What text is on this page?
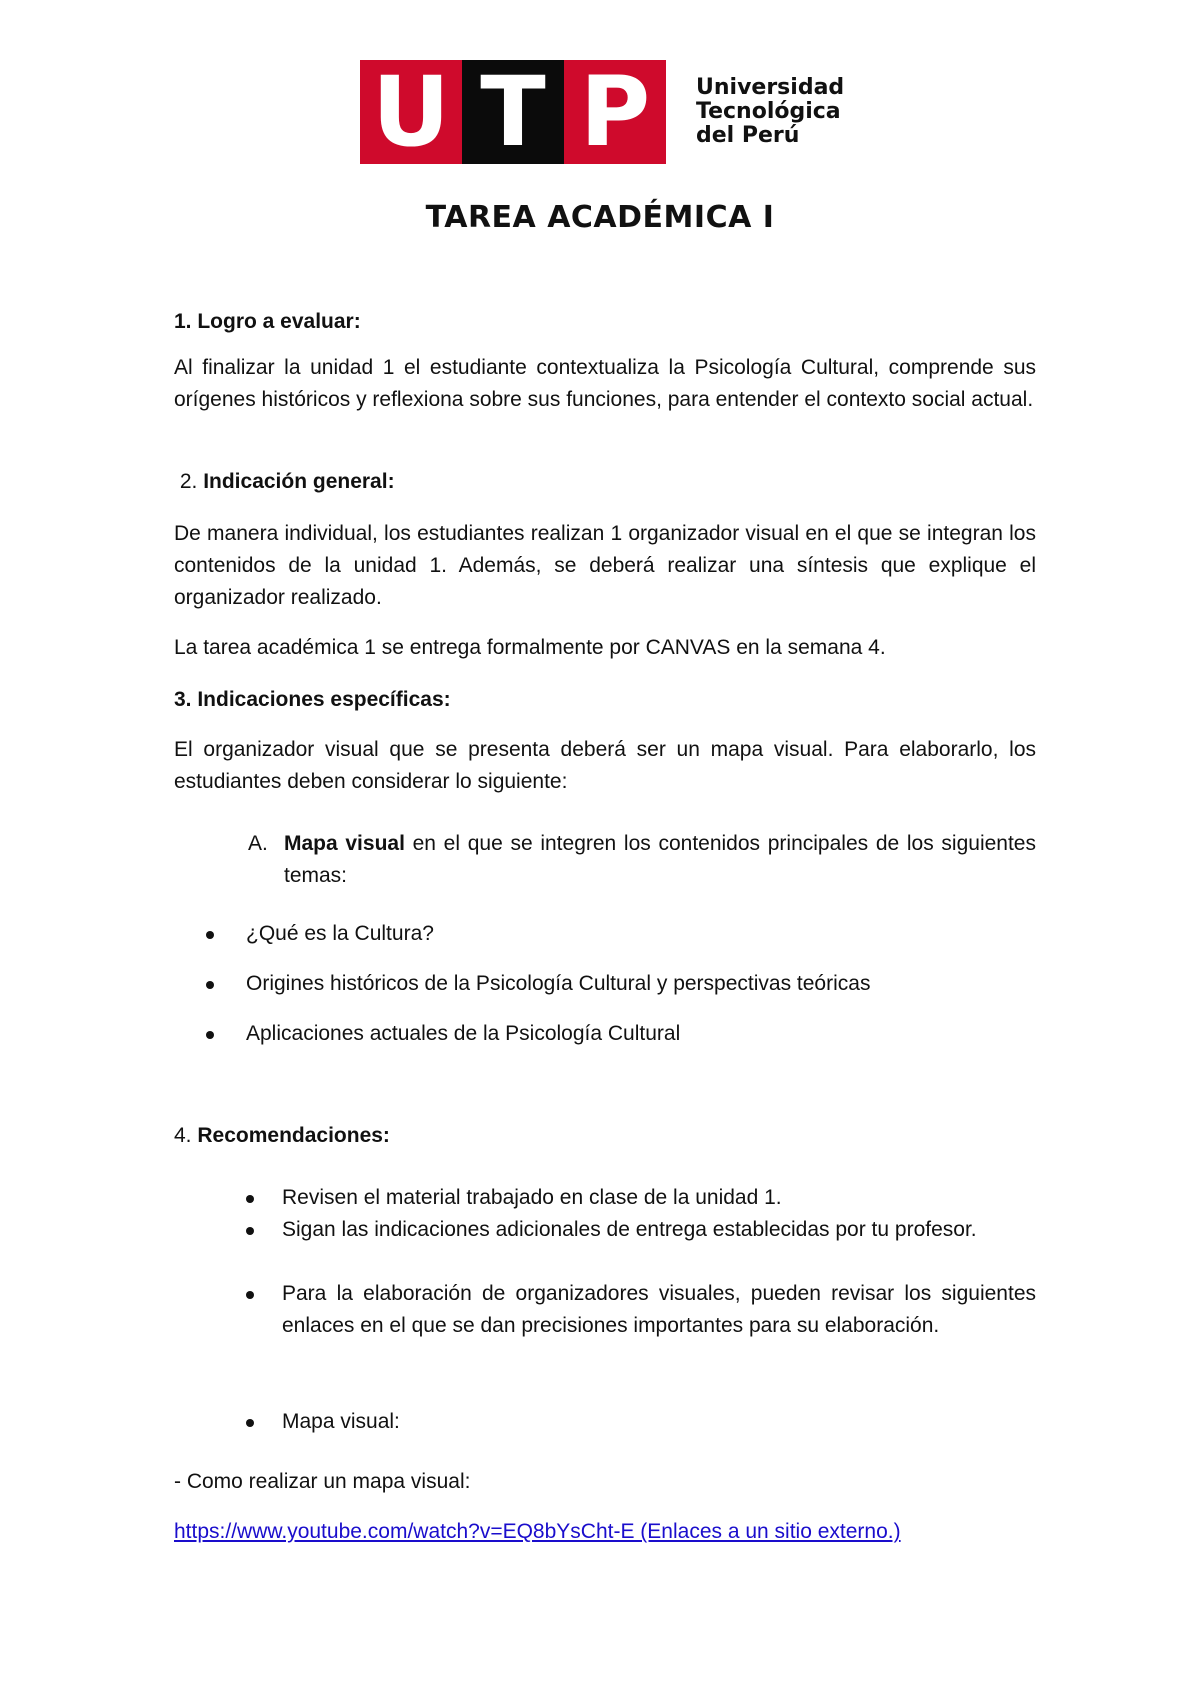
U T P	Universidad
Tecnológica
del Perú
TAREA ACADÉMICA I
1. Logro a evaluar:
Al finalizar la unidad 1 el estudiante contextualiza la Psicología Cultural, comprende sus orígenes históricos y reflexiona sobre sus funciones, para entender el contexto social actual.
2. Indicación general:
De manera individual, los estudiantes realizan 1 organizador visual en el que se integran los contenidos de la unidad 1. Además, se deberá realizar una síntesis que explique el organizador realizado.
La tarea académica 1 se entrega formalmente por CANVAS en la semana 4.
3. Indicaciones específicas:
El organizador visual que se presenta deberá ser un mapa visual. Para elaborarlo, los estudiantes deben considerar lo siguiente:
A. Mapa visual en el que se integren los contenidos principales de los siguientes temas:
¿Qué es la Cultura?
Origines históricos de la Psicología Cultural y perspectivas teóricas
Aplicaciones actuales de la Psicología Cultural
4. Recomendaciones:
Revisen el material trabajado en clase de la unidad 1.
Sigan las indicaciones adicionales de entrega establecidas por tu profesor.
Para la elaboración de organizadores visuales, pueden revisar los siguientes enlaces en el que se dan precisiones importantes para su elaboración.
Mapa visual:
- Como realizar un mapa visual:
https://www.youtube.com/watch?v=EQ8bYsCht-E (Enlaces a un sitio externo.)
